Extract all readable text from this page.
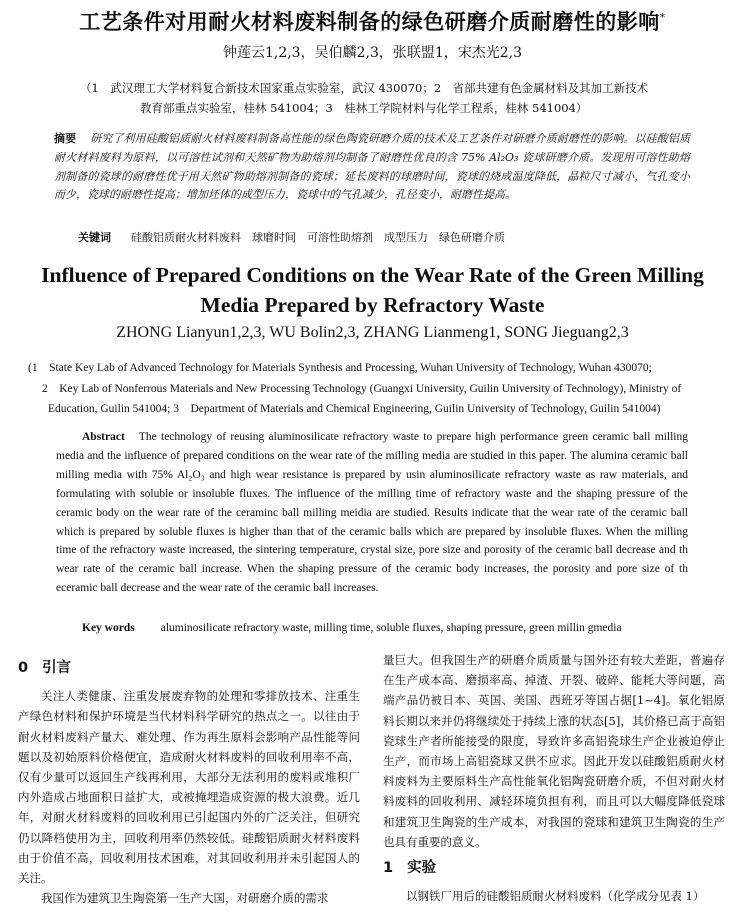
工艺条件对用耐火材料废料制备的绿色研磨介质耐磨性的影响*
钟莲云1,2,3，吴伯麟2,3，张联盟1，宋杰光2,3
（1　武汉理工大学材料复合新技术国家重点实验室，武汉 430070；2　省部共建有色金属材料及其加工新技术
教育部重点实验室，桂林 541004；3　桂林工学院材料与化学工程系，桂林 541004）
摘要 研究了利用硅酸铝质耐火材料废料制备高性能的绿色陶瓷研磨介质的技术及工艺条件对研磨介质耐磨性的影响。以硅酸铝质耐火材料废料为原料，以可溶性试剂和天然矿物为助熔剂均制备了耐磨性优良的含 75% Al₂O₃ 瓷球研磨介质。发现用可溶性助熔剂制备的瓷球的耐磨性优于用天然矿物助熔剂制备的瓷球；延长废料的球磨时间，瓷球的烧成温度降低，晶粒尺寸减小，气孔变小而少，瓷球的耐磨性提高；增加坯体的成型压力，瓷球中的气孔减少，孔径变小，耐磨性提高。
关键词 硅酸铝质耐火材料废料　球磨时间　可溶性助熔剂　成型压力　绿色研磨介质
Influence of Prepared Conditions on the Wear Rate of the Green Milling Media Prepared by Refractory Waste
ZHONG Lianyun1,2,3, WU Bolin2,3, ZHANG Lianmeng1, SONG Jieguang2,3
(1　State Key Lab of Advanced Technology for Materials Synthesis and Processing, Wuhan University of Technology, Wuhan 430070;
2　Key Lab of Nonferrous Materials and New Processing Technology (Guangxi University, Guilin University of Technology), Ministry of
Education, Guilin 541004; 3　Department of Materials and Chemical Engineering, Guilin University of Technology, Guilin 541004)
Abstract The technology of reusing aluminosilicate refractory waste to prepare high performance green ceramic ball milling media and the influence of prepared conditions on the wear rate of the milling media are studied in this paper. The alumina ceramic ball milling media with 75% Al₂O₃ and high wear resistance is prepared by usin aluminosilicate refractory waste as raw materials, and formulating with soluble or insoluble fluxes. The influence of the milling time of refractory waste and the shaping pressure of the ceramic body on the wear rate of the ceraminc ball milling meidia are studied. Results indicate that the wear rate of the ceramic ball which is prepared by soluble fluxes is higher than that of the ceramic balls which are prepared by insoluble fluxes. When the milling time of the refractory waste increased, the sintering temperature, crystal size, pore size and porosity of the ceramic ball decrease and th wear rate of the ceramic ball increase. When the shaping pressure of the ceramic body increases, the porosity and pore size of th eceramic ball decrease and the wear rate of the ceramic ball increases.
Key words aluminosilicate refractory waste, milling time, soluble fluxes, shaping pressure, green millin gmedia
0 引言

关注人类健康、注重发展废弃物的处理和零排放技术、注重生产绿色材料和保护环境是当代材料科学研究的热点之一。以往由于耐火材料废料产量大、难处理、作为再生原料会影响产品性能等问题以及初始原料价格便宜，造成耐火材料废料的回收利用率不高，仅有少量可以返回生产线再利用，大部分无法利用的废料或堆积厂内外造成占地面积日益扩大，或被掩埋造成资源的极大浪费。近几年，对耐火材料废料的回收利用已引起国内外的广泛关注，但研究仍以降档使用为主，回收利用率仍然较低。硅酸铝质耐火材料废料由于价值不高，回收利用技术困难，对其回收利用并未引起国人的关注。

我国作为建筑卫生陶瓷第一生产大国，对研磨介质的需求

量巨大。但我国生产的研磨介质质量与国外还有较大差距，普遍存在生产成本高、磨损率高、掉渣、开裂、破碎、能耗大等问题，高端产品仍被日本、英国、美国、西班牙等国占据[1~4]。氧化铝原料长期以来并仍将继续处于持续上涨的状态[5]，其价格已高于高铝瓷球生产者所能接受的限度，导致许多高铝瓷球生产企业被迫停止生产，而市场上高铝瓷球又供不应求。因此开发以硅酸铝质耐火材料废料为主要原料生产高性能氧化铝陶瓷研磨介质，不但对耐火材料废料的回收利用、减轻环境负担有利，而且可以大幅度降低瓷球和建筑卫生陶瓷的生产成本，对我国的瓷球和建筑卫生陶瓷的生产也具有重要的意义。

1 实验

以钢铁厂用后的硅酸铝质耐火材料废料（化学成分见表 1）
